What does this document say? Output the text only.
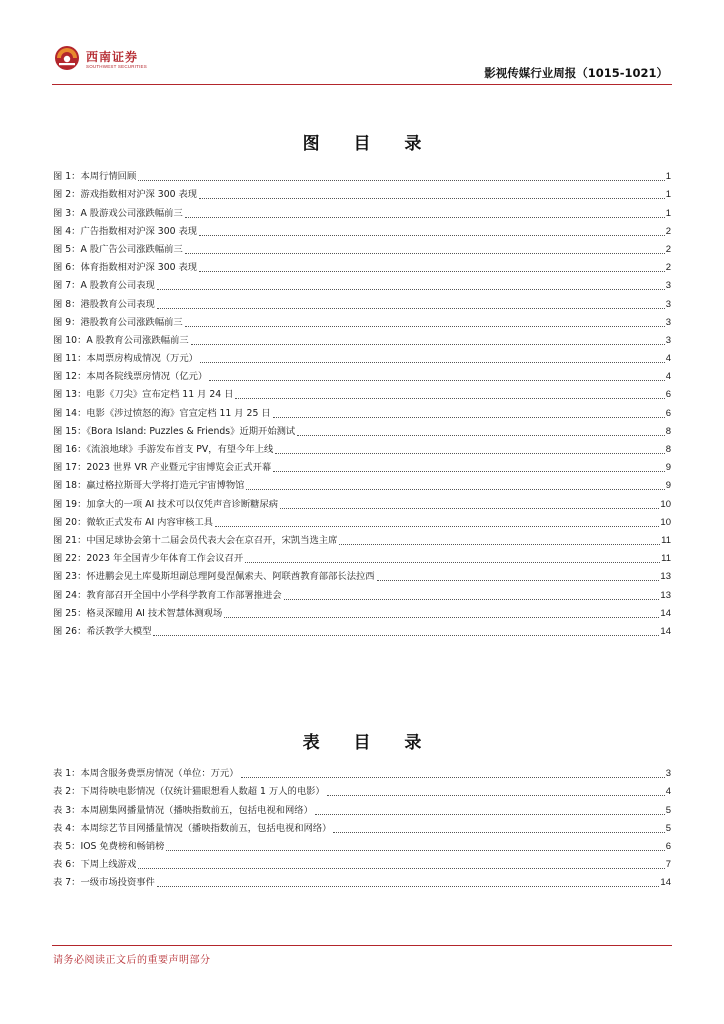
西南证券
SOUTHWEST SECURITIES	影视传媒行业周报（1015-1021）
图 目 录
图 1：本周行情回顾	1
图 2：游戏指数相对沪深 300 表现	1
图 3：A 股游戏公司涨跌幅前三	1
图 4：广告指数相对沪深 300 表现	2
图 5：A 股广告公司涨跌幅前三	2
图 6：体育指数相对沪深 300 表现	2
图 7：A 股教育公司表现	3
图 8：港股教育公司表现	3
图 9：港股教育公司涨跌幅前三	3
图 10：A 股教育公司涨跌幅前三	3
图 11：本周票房构成情况（万元）	4
图 12：本周各院线票房情况（亿元）	4
图 13：电影《刀尖》宣布定档 11 月 24 日	6
图 14：电影《涉过愤怒的海》官宣定档 11 月 25 日	6
图 15：《Bora Island: Puzzles & Friends》近期开始测试	8
图 16：《流浪地球》手游发布首支 PV，有望今年上线	8
图 17：2023 世界 VR 产业暨元宇宙博览会正式开幕	9
图 18：赢过格拉斯哥大学将打造元宇宙博物馆	9
图 19：加拿大的一项 AI 技术可以仅凭声音诊断糖尿病	10
图 20：微软正式发布 AI 内容审核工具	10
图 21：中国足球协会第十二届会员代表大会在京召开，宋凯当选主席	11
图 22：2023 年全国青少年体育工作会议召开	11
图 23：怀进鹏会见土库曼斯坦副总理阿曼涅佩索夫、阿联酋教育部部长法拉西	13
图 24：教育部召开全国中小学科学教育工作部署推进会	13
图 25：格灵深瞳用 AI 技术智慧体测观场	14
图 26：希沃教学大模型	14
表 目 录
表 1：本周含服务费票房情况（单位：万元）	3
表 2：下周待映电影情况（仅统计猫眼想看人数超 1 万人的电影）	4
表 3：本周剧集网播量情况（播映指数前五，包括电视和网络）	5
表 4：本周综艺节目网播量情况（播映指数前五，包括电视和网络）	5
表 5：IOS 免费榜和畅销榜	6
表 6：下周上线游戏	7
表 7：一级市场投资事件	14
请务必阅读正文后的重要声明部分
